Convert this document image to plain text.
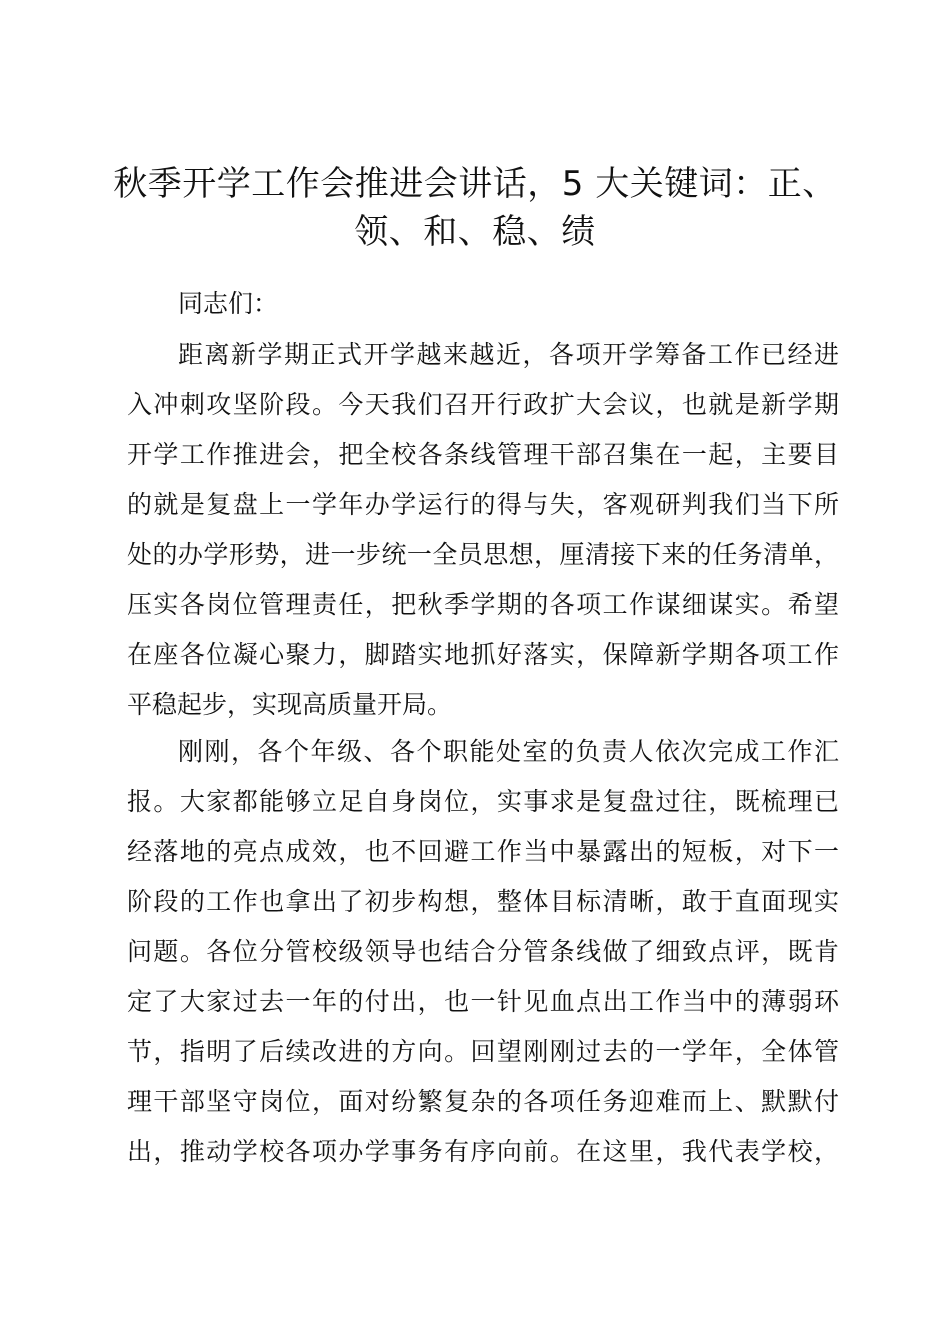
秋季开学工作会推进会讲话，5 大关键词：正、
领、和、稳、绩

同志们：

距离新学期正式开学越来越近，各项开学筹备工作已经进
入冲刺攻坚阶段。今天我们召开行政扩大会议，也就是新学期
开学工作推进会，把全校各条线管理干部召集在一起，主要目
的就是复盘上一学年办学运行的得与失，客观研判我们当下所
处的办学形势，进一步统一全员思想，厘清接下来的任务清单，
压实各岗位管理责任，把秋季学期的各项工作谋细谋实。希望
在座各位凝心聚力，脚踏实地抓好落实，保障新学期各项工作
平稳起步，实现高质量开局。

刚刚，各个年级、各个职能处室的负责人依次完成工作汇
报。大家都能够立足自身岗位，实事求是复盘过往，既梳理已
经落地的亮点成效，也不回避工作当中暴露出的短板，对下一
阶段的工作也拿出了初步构想，整体目标清晰，敢于直面现实
问题。各位分管校级领导也结合分管条线做了细致点评，既肯
定了大家过去一年的付出，也一针见血点出工作当中的薄弱环
节，指明了后续改进的方向。回望刚刚过去的一学年，全体管
理干部坚守岗位，面对纷繁复杂的各项任务迎难而上、默默付
出，推动学校各项办学事务有序向前。在这里，我代表学校，
